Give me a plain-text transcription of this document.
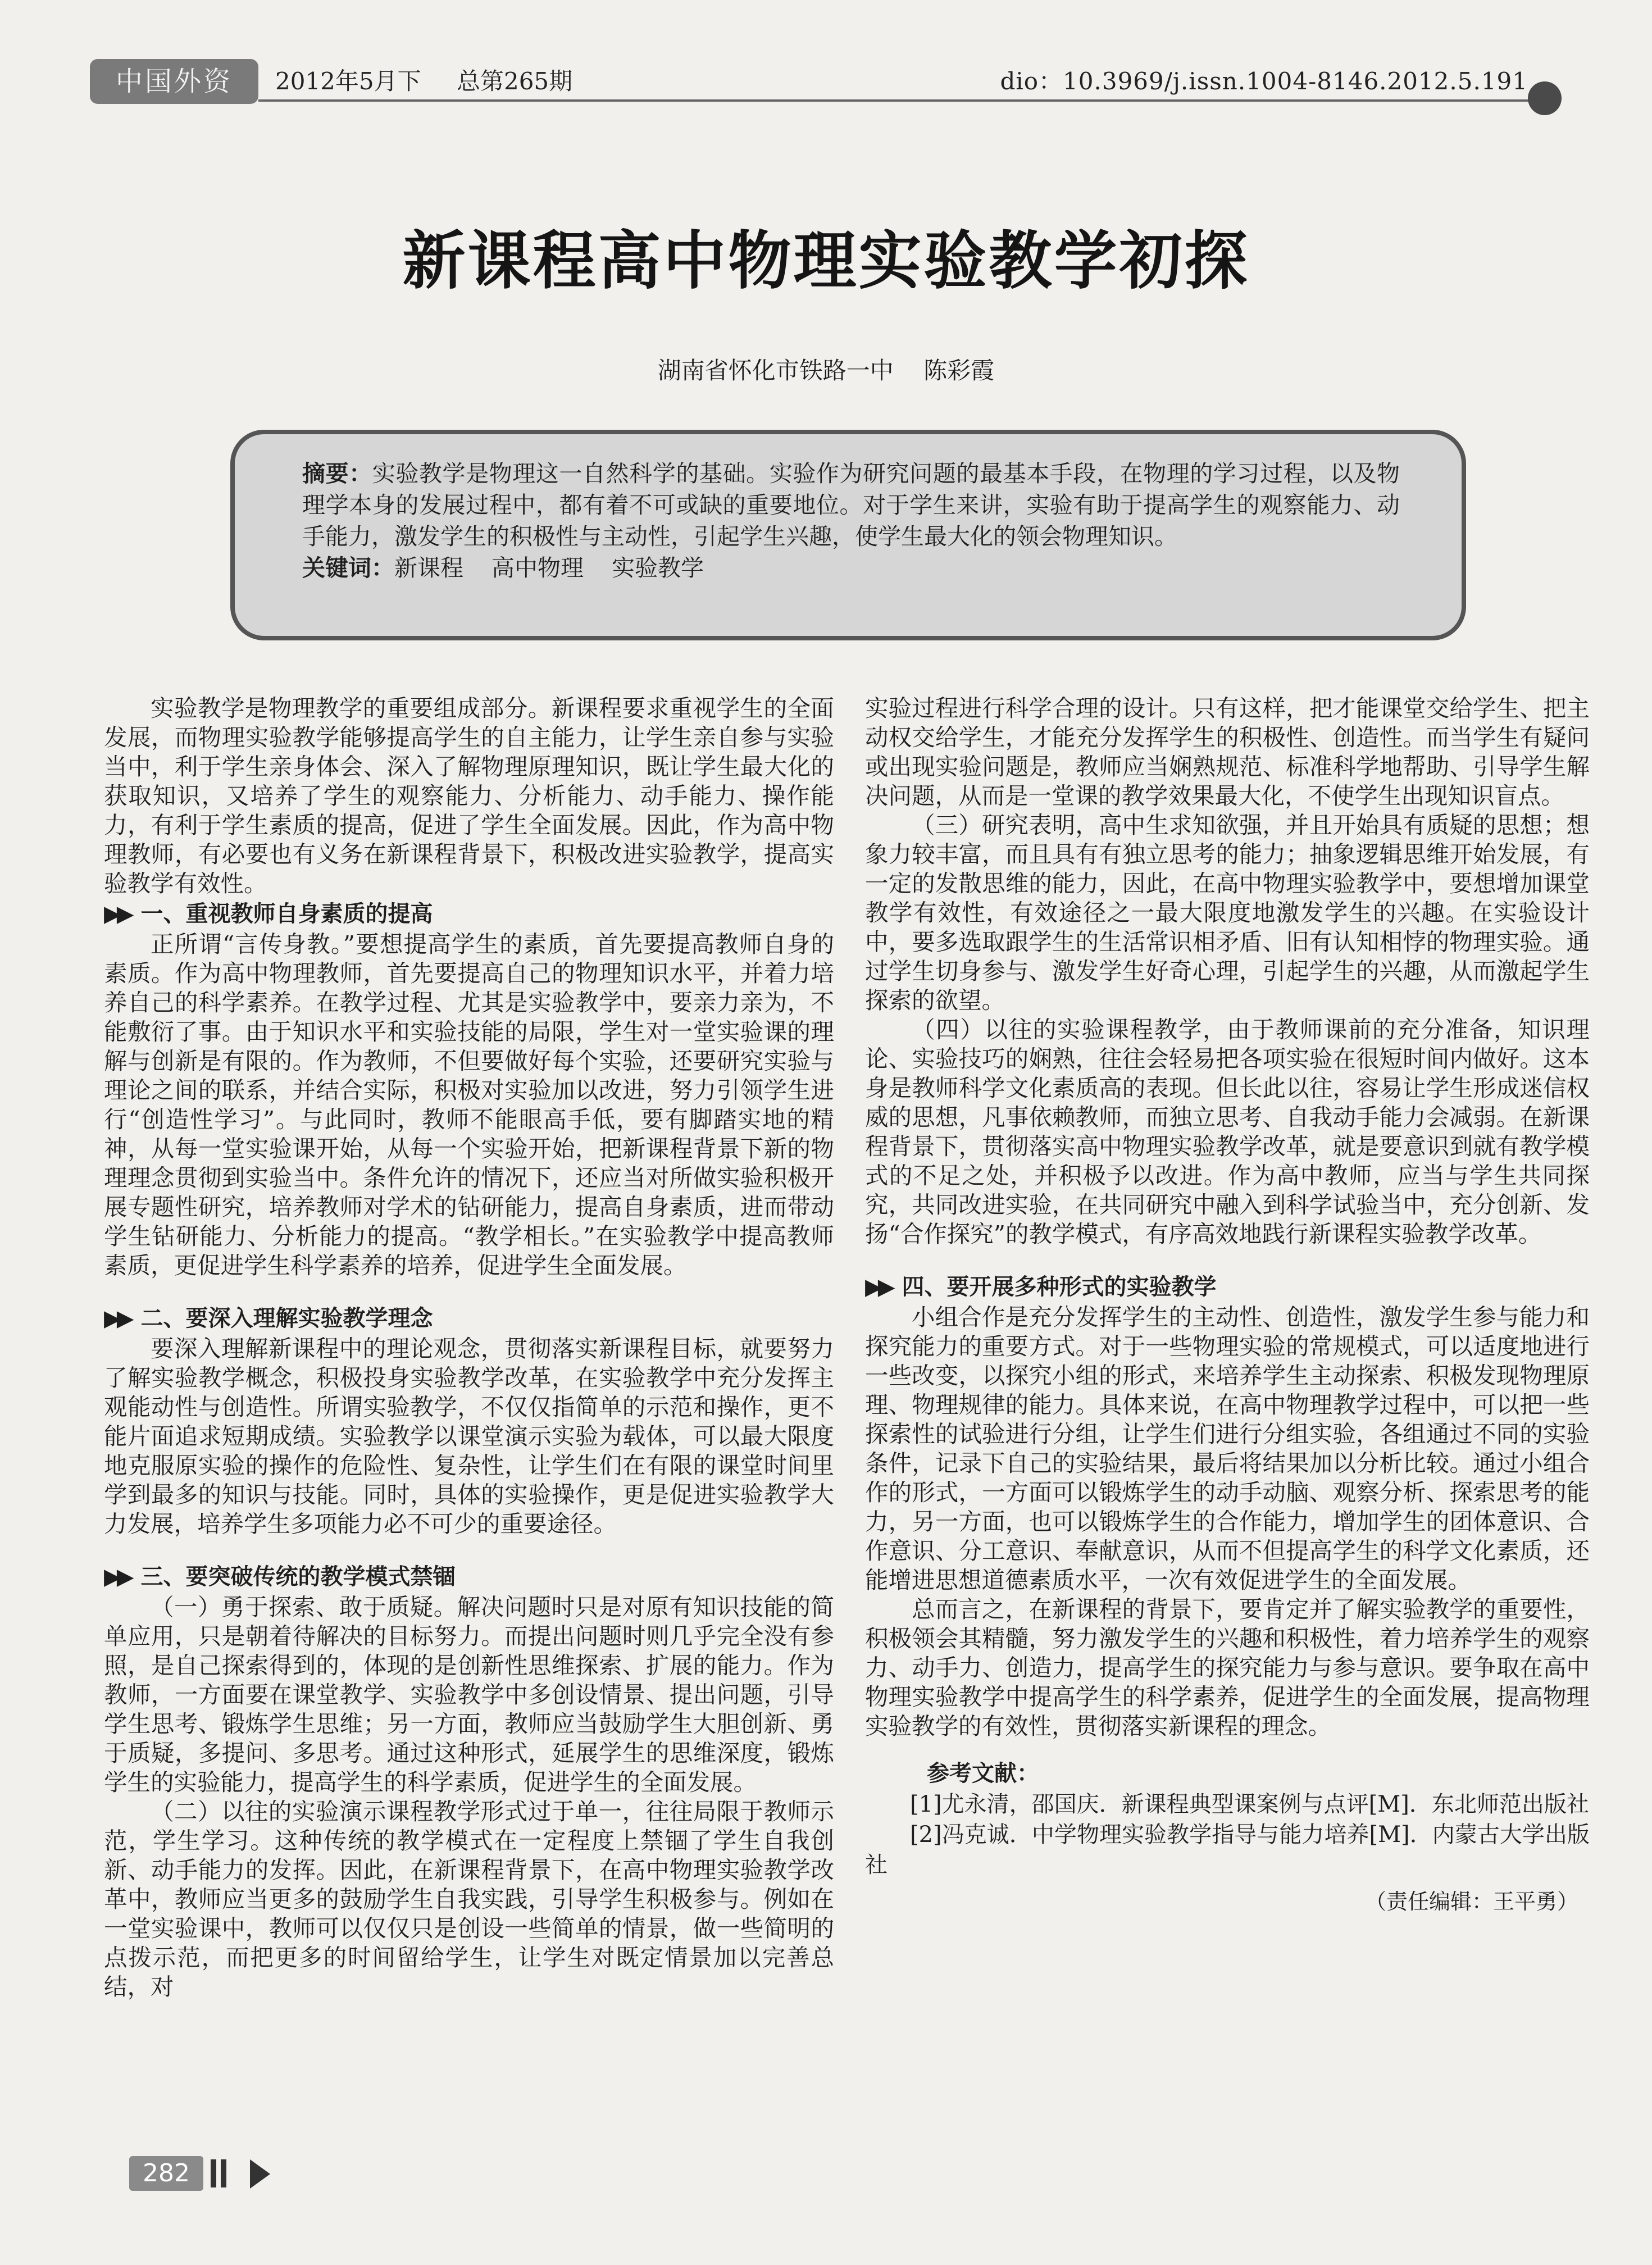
中国外资	2012年5月下 总第265期	dio：10.3969/j.issn.1004-8146.2012.5.191
新课程高中物理实验教学初探
湖南省怀化市铁路一中 陈彩霞

摘要：实验教学是物理这一自然科学的基础。实验作为研究问题的最基本手段，在物理的学习过程，以及物理学本身的发展过程中，都有着不可或缺的重要地位。对于学生来讲，实验有助于提高学生的观察能力、动手能力，激发学生的积极性与主动性，引起学生兴趣，使学生最大化的领会物理知识。

关键词：新课程 高中物理 实验教学

实验教学是物理教学的重要组成部分。新课程要求重视学生的全面发展，而物理实验教学能够提高学生的自主能力，让学生亲自参与实验当中，利于学生亲身体会、深入了解物理原理知识，既让学生最大化的获取知识，又培养了学生的观察能力、分析能力、动手能力、操作能力，有利于学生素质的提高，促进了学生全面发展。因此，作为高中物理教师，有必要也有义务在新课程背景下，积极改进实验教学，提高实验教学有效性。

▶▶ 一、重视教师自身素质的提高

正所谓“言传身教。”要想提高学生的素质，首先要提高教师自身的素质。作为高中物理教师，首先要提高自己的物理知识水平，并着力培养自己的科学素养。在教学过程、尤其是实验教学中，要亲力亲为，不能敷衍了事。由于知识水平和实验技能的局限，学生对一堂实验课的理解与创新是有限的。作为教师，不但要做好每个实验，还要研究实验与理论之间的联系，并结合实际，积极对实验加以改进，努力引领学生进行“创造性学习”。与此同时，教师不能眼高手低，要有脚踏实地的精神，从每一堂实验课开始，从每一个实验开始，把新课程背景下新的物理理念贯彻到实验当中。条件允许的情况下，还应当对所做实验积极开展专题性研究，培养教师对学术的钻研能力，提高自身素质，进而带动学生钻研能力、分析能力的提高。“教学相长。”在实验教学中提高教师素质，更促进学生科学素养的培养，促进学生全面发展。

▶▶ 二、要深入理解实验教学理念

要深入理解新课程中的理论观念，贯彻落实新课程目标，就要努力了解实验教学概念，积极投身实验教学改革，在实验教学中充分发挥主观能动性与创造性。所谓实验教学，不仅仅指简单的示范和操作，更不能片面追求短期成绩。实验教学以课堂演示实验为载体，可以最大限度地克服原实验的操作的危险性、复杂性，让学生们在有限的课堂时间里学到最多的知识与技能。同时，具体的实验操作，更是促进实验教学大力发展，培养学生多项能力必不可少的重要途径。

▶▶ 三、要突破传统的教学模式禁锢

（一）勇于探索、敢于质疑。解决问题时只是对原有知识技能的简单应用，只是朝着待解决的目标努力。而提出问题时则几乎完全没有参照，是自己探索得到的，体现的是创新性思维探索、扩展的能力。作为教师，一方面要在课堂教学、实验教学中多创设情景、提出问题，引导学生思考、锻炼学生思维；另一方面，教师应当鼓励学生大胆创新、勇于质疑，多提问、多思考。通过这种形式，延展学生的思维深度，锻炼学生的实验能力，提高学生的科学素质，促进学生的全面发展。

（二）以往的实验演示课程教学形式过于单一，往往局限于教师示范，学生学习。这种传统的教学模式在一定程度上禁锢了学生自我创新、动手能力的发挥。因此，在新课程背景下，在高中物理实验教学改革中，教师应当更多的鼓励学生自我实践，引导学生积极参与。例如在一堂实验课中，教师可以仅仅只是创设一些简单的情景，做一些简明的点拨示范，而把更多的时间留给学生，让学生对既定情景加以完善总结，对

实验过程进行科学合理的设计。只有这样，把才能课堂交给学生、把主动权交给学生，才能充分发挥学生的积极性、创造性。而当学生有疑问或出现实验问题是，教师应当娴熟规范、标准科学地帮助、引导学生解决问题，从而是一堂课的教学效果最大化，不使学生出现知识盲点。

（三）研究表明，高中生求知欲强，并且开始具有质疑的思想；想象力较丰富，而且具有有独立思考的能力；抽象逻辑思维开始发展，有一定的发散思维的能力，因此，在高中物理实验教学中，要想增加课堂教学有效性，有效途径之一最大限度地激发学生的兴趣。在实验设计中，要多选取跟学生的生活常识相矛盾、旧有认知相悖的物理实验。通过学生切身参与、激发学生好奇心理，引起学生的兴趣，从而激起学生探索的欲望。

（四）以往的实验课程教学，由于教师课前的充分准备，知识理论、实验技巧的娴熟，往往会轻易把各项实验在很短时间内做好。这本身是教师科学文化素质高的表现。但长此以往，容易让学生形成迷信权威的思想，凡事依赖教师，而独立思考、自我动手能力会减弱。在新课程背景下，贯彻落实高中物理实验教学改革，就是要意识到就有教学模式的不足之处，并积极予以改进。作为高中教师，应当与学生共同探究，共同改进实验，在共同研究中融入到科学试验当中，充分创新、发扬“合作探究”的教学模式，有序高效地践行新课程实验教学改革。

▶▶ 四、要开展多种形式的实验教学

小组合作是充分发挥学生的主动性、创造性，激发学生参与能力和探究能力的重要方式。对于一些物理实验的常规模式，可以适度地进行一些改变，以探究小组的形式，来培养学生主动探索、积极发现物理原理、物理规律的能力。具体来说，在高中物理教学过程中，可以把一些探索性的试验进行分组，让学生们进行分组实验，各组通过不同的实验条件，记录下自己的实验结果，最后将结果加以分析比较。通过小组合作的形式，一方面可以锻炼学生的动手动脑、观察分析、探索思考的能力，另一方面，也可以锻炼学生的合作能力，增加学生的团体意识、合作意识、分工意识、奉献意识，从而不但提高学生的科学文化素质，还能增进思想道德素质水平，一次有效促进学生的全面发展。

总而言之，在新课程的背景下，要肯定并了解实验教学的重要性，积极领会其精髓，努力激发学生的兴趣和积极性，着力培养学生的观察力、动手力、创造力，提高学生的探究能力与参与意识。要争取在高中物理实验教学中提高学生的科学素养，促进学生的全面发展，提高物理实验教学的有效性，贯彻落实新课程的理念。

参考文献：

[1]尤永清，邵国庆．新课程典型课案例与点评[M]．东北师范出版社

[2]冯克诚．中学物理实验教学指导与能力培养[M]．内蒙古大学出版社

（责任编辑：王平勇）
282
